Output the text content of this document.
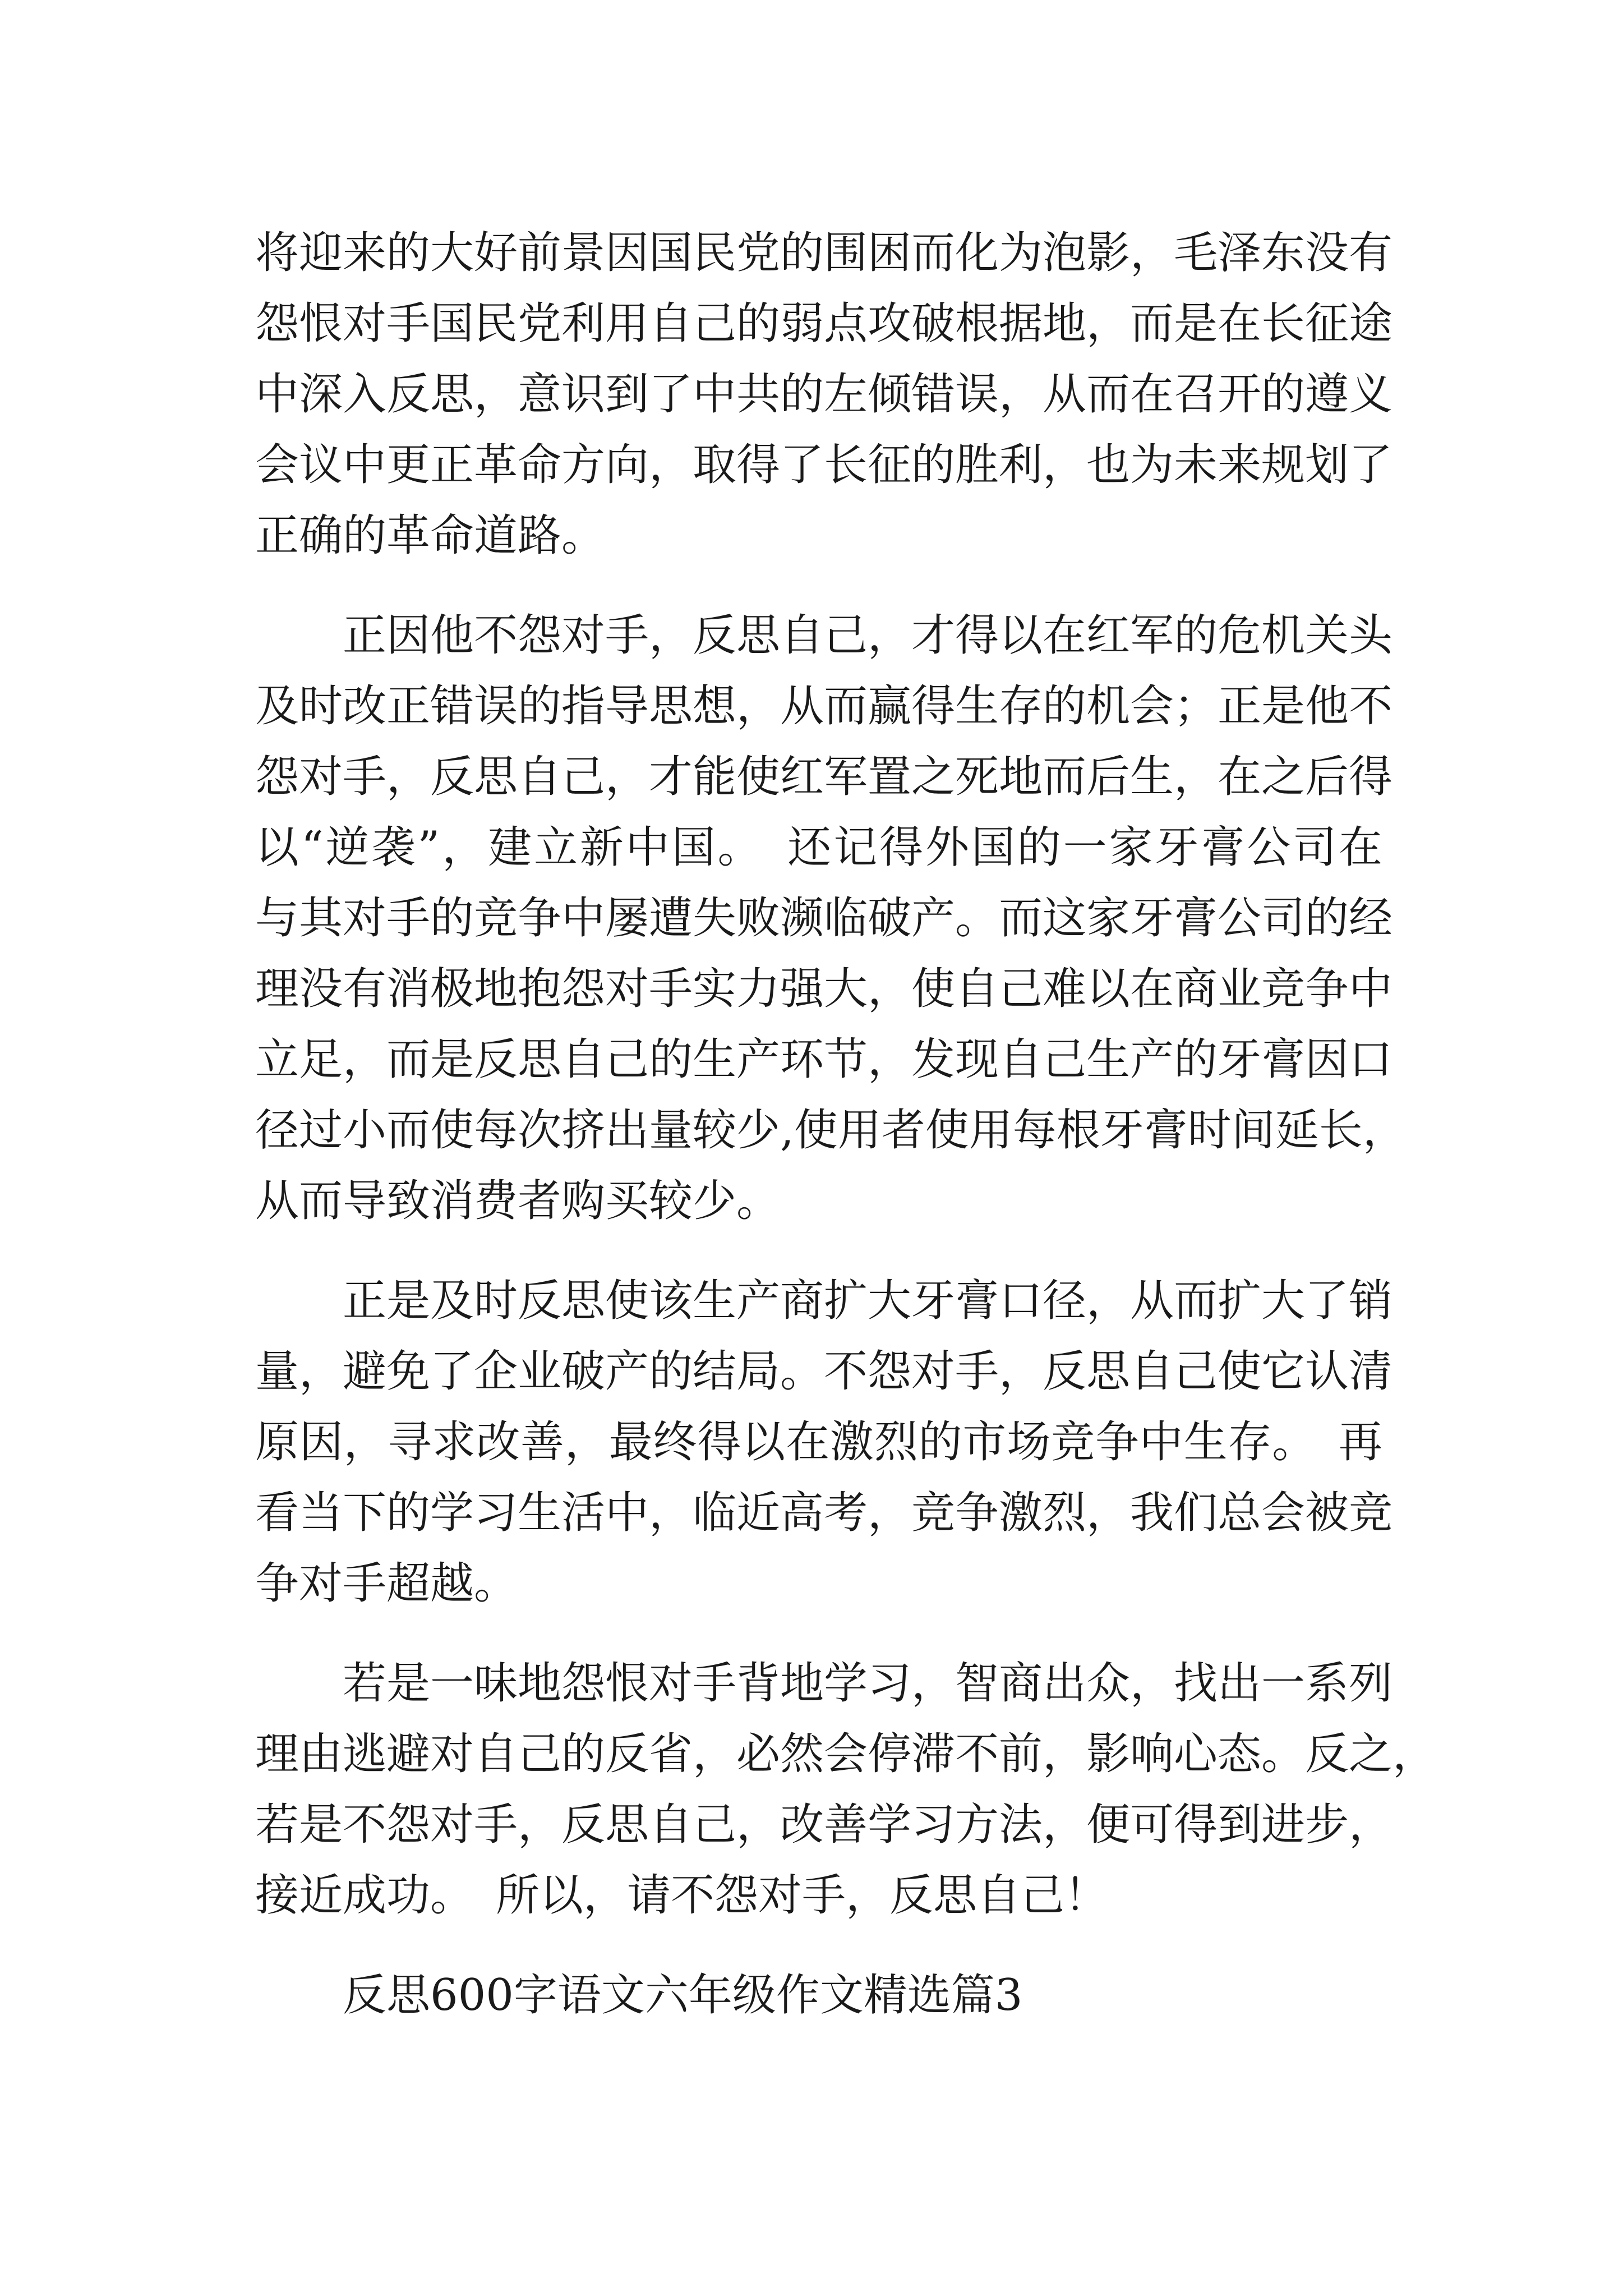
将迎来的大好前景因国民党的围困而化为泡影，毛泽东没有
怨恨对手国民党利用自己的弱点攻破根据地，而是在长征途
中深入反思，意识到了中共的左倾错误，从而在召开的遵义
会议中更正革命方向，取得了长征的胜利，也为未来规划了
正确的革命道路。
正因他不怨对手，反思自己，才得以在红军的危机关头
及时改正错误的指导思想，从而赢得生存的机会；正是他不
怨对手，反思自己，才能使红军置之死地而后生，在之后得
以“逆袭”，建立新中国。　还记得外国的一家牙膏公司在
与其对手的竞争中屡遭失败濒临破产。而这家牙膏公司的经
理没有消极地抱怨对手实力强大，使自己难以在商业竞争中
立足，而是反思自己的生产环节，发现自己生产的牙膏因口
径过小而使每次挤出量较少,使用者使用每根牙膏时间延长，
从而导致消费者购买较少。
正是及时反思使该生产商扩大牙膏口径，从而扩大了销
量，避免了企业破产的结局。不怨对手，反思自己使它认清
原因，寻求改善，最终得以在激烈的市场竞争中生存。　再
看当下的学习生活中，临近高考，竞争激烈，我们总会被竞
争对手超越。
若是一味地怨恨对手背地学习，智商出众，找出一系列
理由逃避对自己的反省，必然会停滞不前，影响心态。反之，
若是不怨对手，反思自己，改善学习方法，便可得到进步，
接近成功。　所以，请不怨对手，反思自己！
反思600字语文六年级作文精选篇3
